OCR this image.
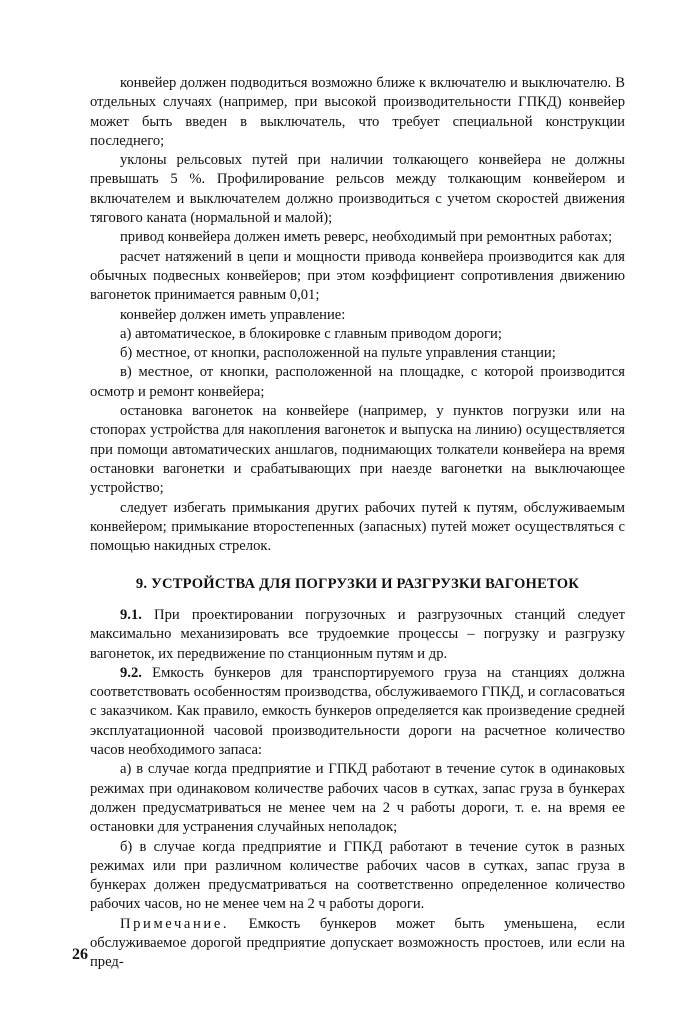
конвейер должен подводиться возможно ближе к включателю и выключателю. В отдельных случаях (например, при высокой производительности ГПКД) конвейер может быть введен в выключатель, что требует специальной конструкции последнего;

уклоны рельсовых путей при наличии толкающего конвейера не должны превышать 5 %. Профилирование рельсов между толкающим конвейером и включателем и выключателем должно производиться с учетом скоростей движения тягового каната (нормальной и малой);

привод конвейера должен иметь реверс, необходимый при ремонтных работах;

расчет натяжений в цепи и мощности привода конвейера производится как для обычных подвесных конвейеров; при этом коэффициент сопротивления движению вагонеток принимается равным 0,01;

конвейер должен иметь управление:

а) автоматическое, в блокировке с главным приводом дороги;

б) местное, от кнопки, расположенной на пульте управления станции;

в) местное, от кнопки, расположенной на площадке, с которой производится осмотр и ремонт конвейера;

остановка вагонеток на конвейере (например, у пунктов погрузки или на стопорах устройства для накопления вагонеток и выпуска на линию) осуществляется при помощи автоматических аншлагов, поднимающих толкатели конвейера на время остановки вагонетки и срабатывающих при наезде вагонетки на выключающее устройство;

следует избегать примыкания других рабочих путей к путям, обслуживаемым конвейером; примыкание второстепенных (запасных) путей может осуществляться с помощью накидных стрелок.

9. УСТРОЙСТВА ДЛЯ ПОГРУЗКИ И РАЗГРУЗКИ ВАГОНЕТОК

9.1. При проектировании погрузочных и разгрузочных станций следует максимально механизировать все трудоемкие процессы – погрузку и разгрузку вагонеток, их передвижение по станционным путям и др.

9.2. Емкость бункеров для транспортируемого груза на станциях должна соответствовать особенностям производства, обслуживаемого ГПКД, и согласоваться с заказчиком. Как правило, емкость бункеров определяется как произведение средней эксплуатационной часовой производительности дороги на расчетное количество часов необходимого запаса:

а) в случае когда предприятие и ГПКД работают в течение суток в одинаковых режимах при одинаковом количестве рабочих часов в сутках, запас груза в бункерах должен предусматриваться не менее чем на 2 ч работы дороги, т. е. на время ее остановки для устранения случайных неполадок;

б) в случае когда предприятие и ГПКД работают в течение суток в разных режимах или при различном количестве рабочих часов в сутках, запас груза в бункерах должен предусматриваться на соответственно определенное количество рабочих часов, но не менее чем на 2 ч работы дороги.

Примечание. Емкость бункеров может быть уменьшена, если обслуживаемое дорогой предприятие допускает возможность простоев, или если на пред-

26
